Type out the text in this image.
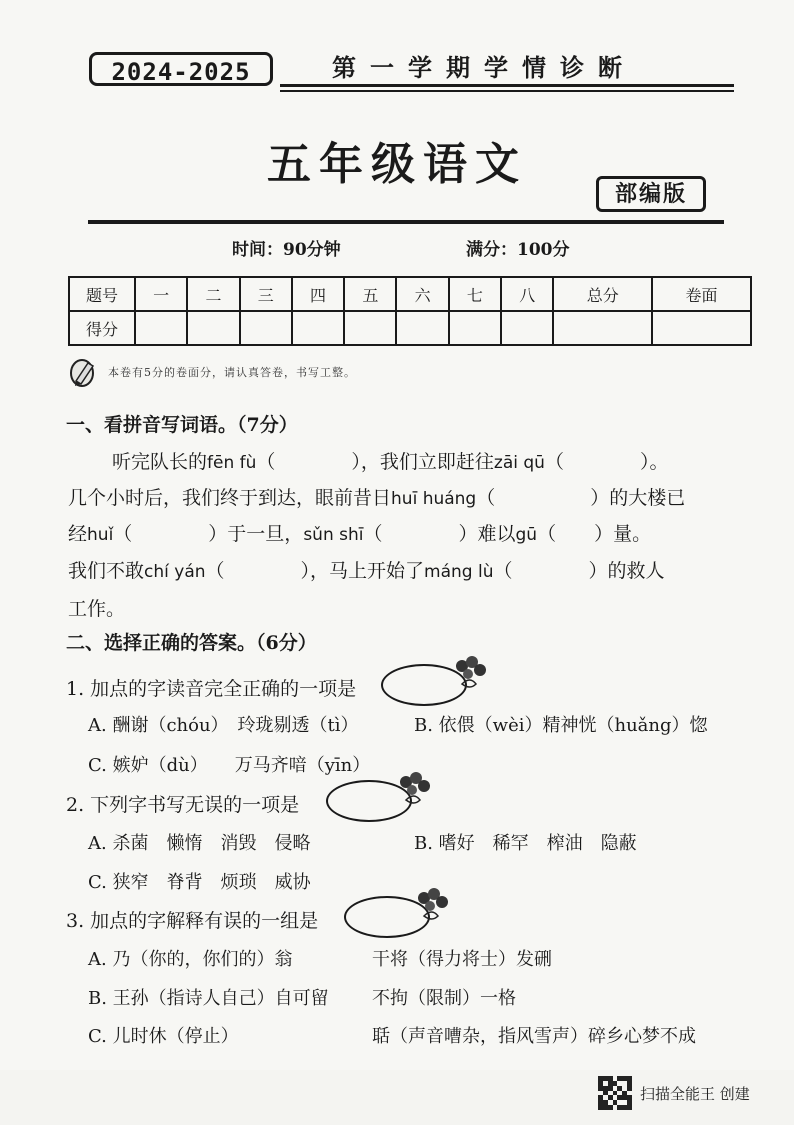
2024-2025	第一学期学情诊断
五年级语文
部编版
时间：90分钟	满分：100分
题号	一	二	三	四	五	六	七	八	总分	卷面
得分										
本卷有5分的卷面分，请认真答卷，书写工整。
一、看拼音写词语。（7分）
听完队长的fēn fù（　　　　），我们立即赶往zāi qū（　　　　）。
几个小时后，我们终于到达，眼前昔日huī huáng（　　　　　）的大楼已
经huǐ（　　　　）于一旦，sǔn shī（　　　　）难以gū（　　）量。
我们不敢chí yán（　　　　），马上开始了máng lù（　　　　）的救人
工作。
二、选择正确的答案。（6分）
1. 加点的字读音完全正确的一项是
A. 酬谢（chóu）　玲珑剔透（tì）	B. 依偎（wèi）精神恍（huǎng）惚
C. 嫉妒（dù）　　万马齐喑（yīn）
2. 下列字书写无误的一项是
A. 杀菌　懒惰　消毁　侵略	B. 嗜好　稀罕　榨油　隐蔽
C. 狭窄　脊背　烦琐　威协
3. 加点的字解释有误的一组是
A. 乃（你的，你们的）翁	干将（得力将士）发硎
B. 王孙（指诗人自己）自可留 不拘（限制）一格
C. 儿时休（停止）	聒（声音嘈杂，指风雪声）碎乡心梦不成
扫描全能王 创建
